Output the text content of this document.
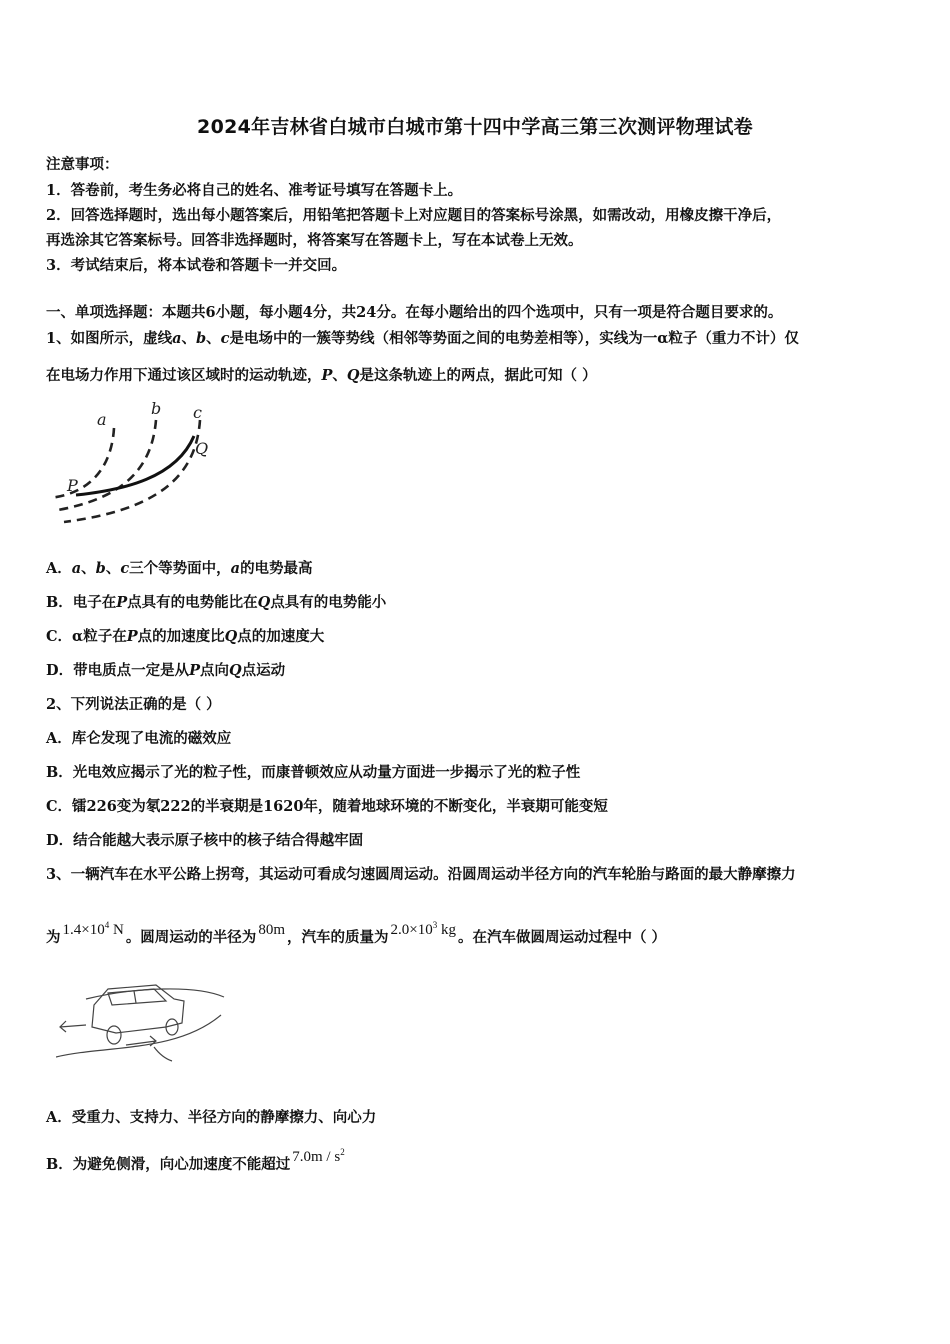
2024年吉林省白城市白城市第十四中学高三第三次测评物理试卷
注意事项：
1．答卷前，考生务必将自己的姓名、准考证号填写在答题卡上。
2．回答选择题时，选出每小题答案后，用铅笔把答题卡上对应题目的答案标号涂黑，如需改动，用橡皮擦干净后，
再选涂其它答案标号。回答非选择题时，将答案写在答题卡上，写在本试卷上无效。
3．考试结束后，将本试卷和答题卡一并交回。
一、单项选择题：本题共6小题，每小题4分，共24分。在每小题给出的四个选项中，只有一项是符合题目要求的。
1、如图所示，虚线a、b、c是电场中的一簇等势线（相邻等势面之间的电势差相等），实线为一α粒子（重力不计）仅
在电场力作用下通过该区域时的运动轨迹，P、Q是这条轨迹上的两点，据此可知（ ）
a
b c
P
Q
A．a、b、c三个等势面中，a的电势最高
B．电子在P点具有的电势能比在Q点具有的电势能小
C．α粒子在P点的加速度比Q点的加速度大
D．带电质点一定是从P点向Q点运动
2、下列说法正确的是（ ）
A．库仑发现了电流的磁效应
B．光电效应揭示了光的粒子性，而康普顿效应从动量方面进一步揭示了光的粒子性
C．镭226变为氡222的半衰期是1620年，随着地球环境的不断变化，半衰期可能变短
D．结合能越大表示原子核中的核子结合得越牢固
3、一辆汽车在水平公路上拐弯，其运动可看成匀速圆周运动。沿圆周运动半径方向的汽车轮胎与路面的最大静摩擦力
为 $1.4\times 10^4$ N 。圆周运动的半径为 80m ，汽车的质量为 $2.0\times 10^3$ kg 。在汽车做圆周运动过程中（ ）
A．受重力、支持力、半径方向的静摩擦力、向心力
B．为避免侧滑，向心加速度不能超过 $7.0m / s^2$
